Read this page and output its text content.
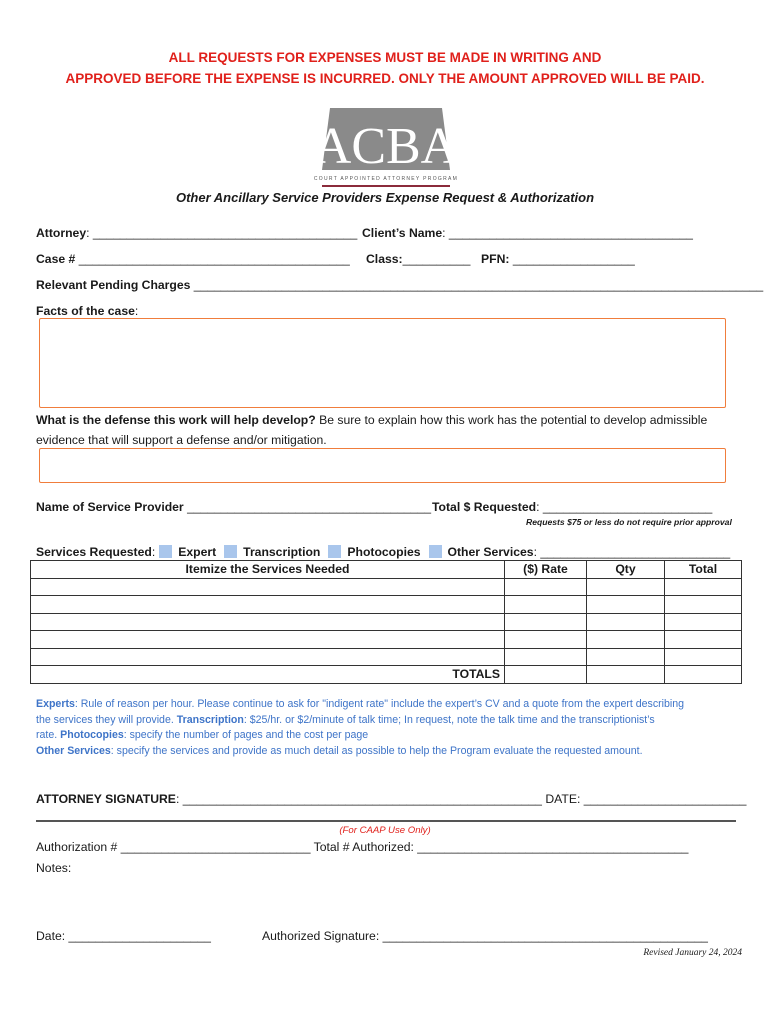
ALL REQUESTS FOR EXPENSES MUST BE MADE IN WRITING AND
APPROVED BEFORE THE EXPENSE IS INCURRED. ONLY THE AMOUNT APPROVED WILL BE PAID.
ACBA
COURT APPOINTED ATTORNEY PROGRAM
Other Ancillary Service Providers Expense Request & Authorization
Attorney: _______________________________________ Client’s Name: ____________________________________
Case # ________________________________________ Class:__________ PFN: __________________
Relevant Pending Charges ____________________________________________________________________________________
Facts of the case:
What is the defense this work will help develop? Be sure to explain how this work has the potential to develop admissible
evidence that will support a defense and/or mitigation.
Name of Service Provider ____________________________________ Total $ Requested: _________________________
Requests $75 or less do not require prior approval
Services Requested: Expert Transcription Photocopies Other Services: ____________________________
Itemize the Services Needed	($) Rate	Qty	Total

TOTALS			
Experts: Rule of reason per hour. Please continue to ask for "indigent rate" include the expert’s CV and a quote from the expert describing
the services they will provide. Transcription: $25/hr. or $2/minute of talk time; In request, note the talk time and the transcriptionist’s
rate. Photocopies: specify the number of pages and the cost per page
Other Services: specify the services and provide as much detail as possible to help the Program evaluate the requested amount.
ATTORNEY SIGNATURE: _____________________________________________________ DATE: ________________________
(For CAAP Use Only)
Authorization # ____________________________ Total # Authorized: ________________________________________
Notes:
Date: _____________________	Authorized Signature: ________________________________________________
Revised January 24, 2024
